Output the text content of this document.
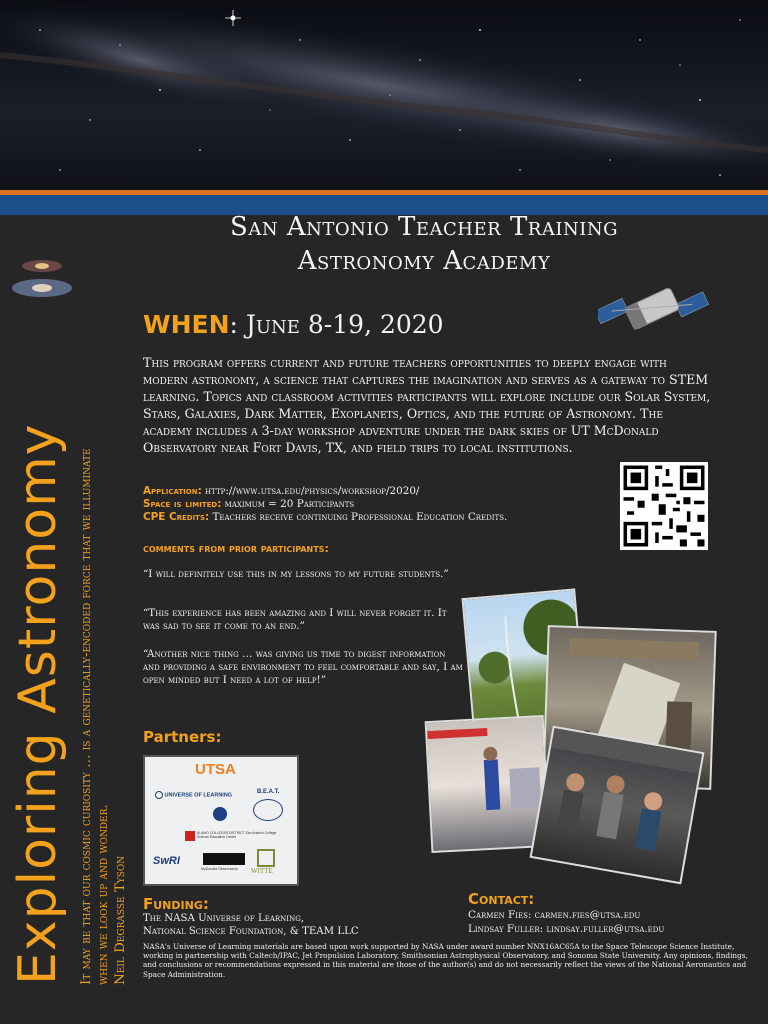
Exploring Astronomy It may be that our cosmic curiosity … is a genetically-encoded force that we illuminate when we look up and wonder. Neil Degrasse Tyson
San Antonio Teacher Training
Astronomy Academy
WHEN: June 8-19, 2020
This program offers current and future teachers opportunities to deeply engage with modern astronomy, a science that captures the imagination and serves as a gateway to STEM learning. Topics and classroom activities participants will explore include our Solar System, Stars, Galaxies, Dark Matter, Exoplanets, Optics, and the future of Astronomy. The academy includes a 3-day workshop adventure under the dark skies of UT McDonald Observatory near Fort Davis, TX, and field trips to local institutions.
Application: http://www.utsa.edu/physics/workshop/2020/
Space is limited: maximum = 20 Participants
CPE Credits: Teachers receive continuing Professional Education Credits.
comments from prior participants:
“I will definitely use this in my lessons to my future students.”
“This experience has been amazing and I will never forget it. It was sad to see it come to an end.”
“Another nice thing … was giving us time to digest information and providing a safe environment to feel comfortable and say, I am open minded but I need a lot of help!”
Partners:
UTSA
UNIVERSE OF LEARNING
B.E.A.T.
ALAMO COLLEGES DISTRICT San Antonio College Science Education Center
SwRI
McDonald Observatory WITTE
Funding:
The NASA Universe of Learning,
National Science Foundation, & TEAM LLC
Contact:
Carmen Fies: carmen.fies@utsa.edu
Lindsay Fuller: lindsay.fuller@utsa.edu
NASA's Universe of Learning materials are based upon work supported by NASA under award number NNX16AC65A to the Space Telescope Science Institute, working in partnership with Caltech/IPAC, Jet Propulsion Laboratory, Smithsonian Astrophysical Observatory, and Sonoma State University. Any opinions, findings, and conclusions or recommendations expressed in this material are those of the author(s) and do not necessarily reflect the views of the National Aeronautics and Space Administration.
